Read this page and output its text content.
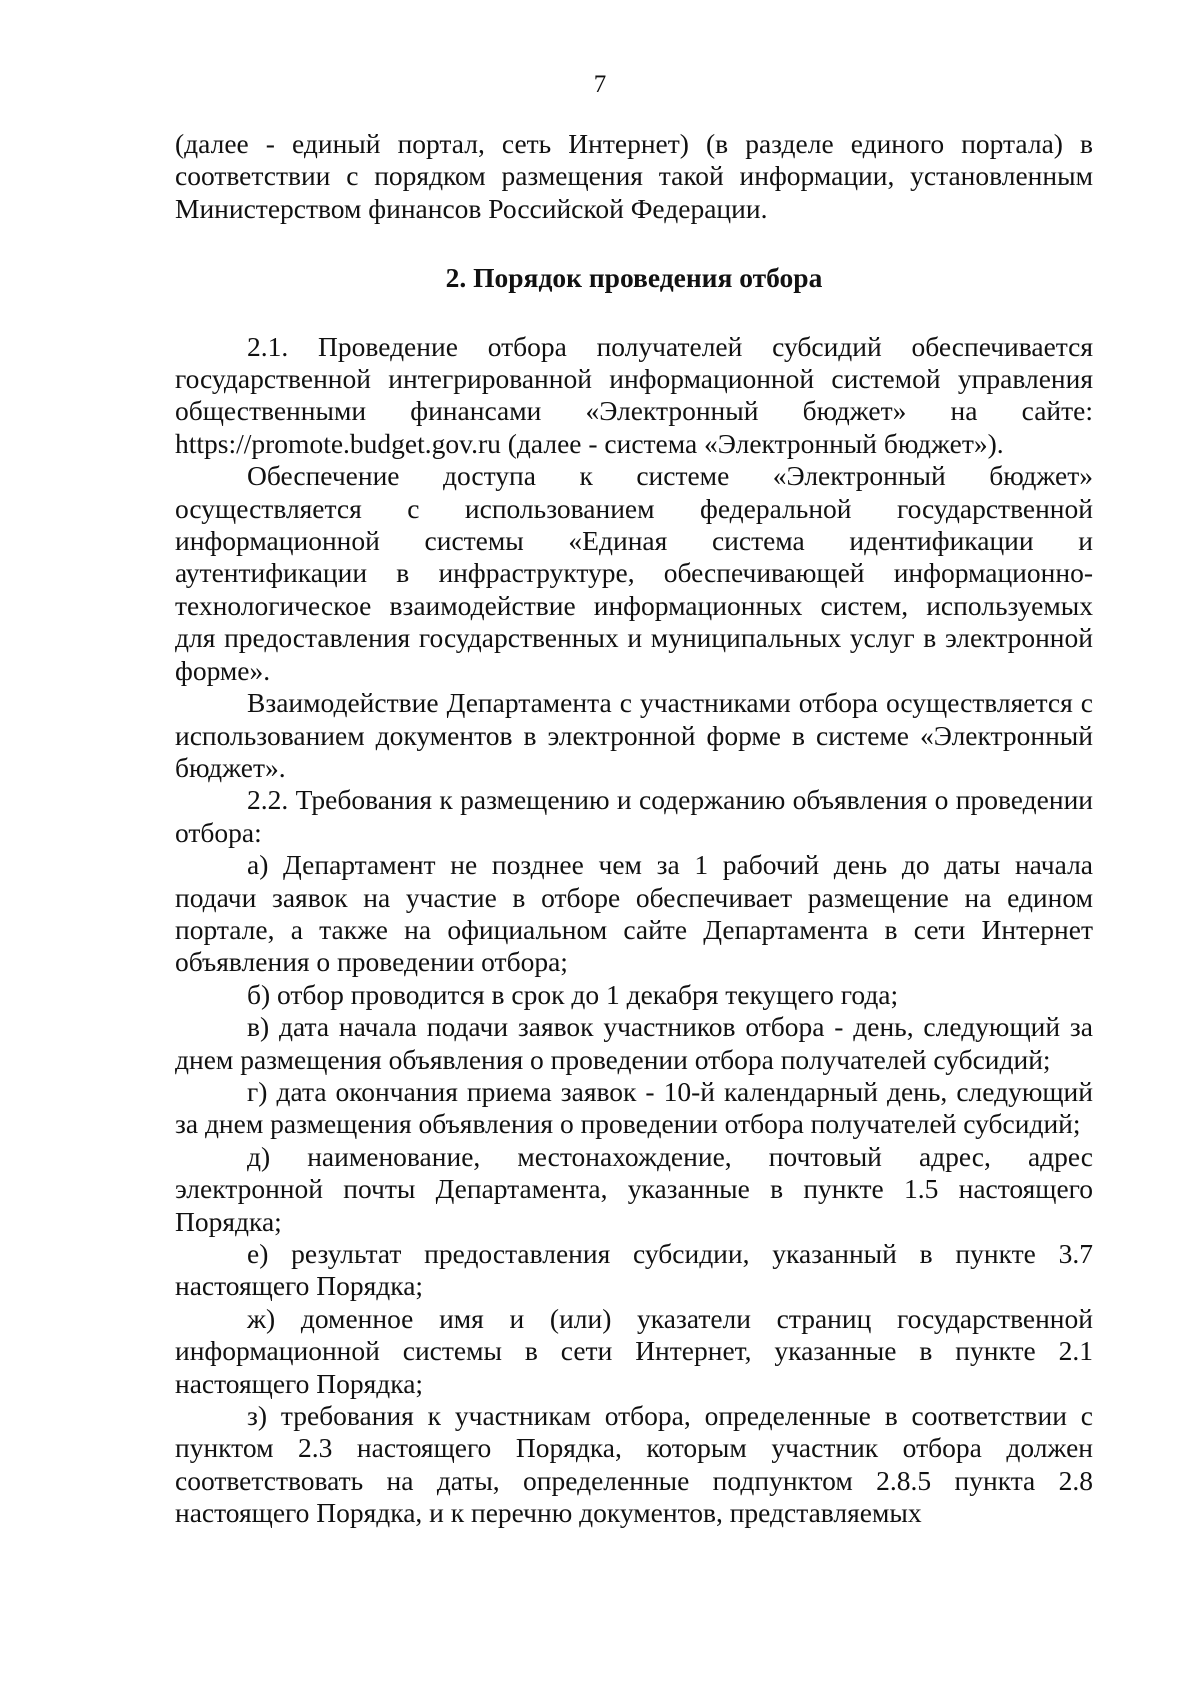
7

(далее - единый портал, сеть Интернет) (в разделе единого портала) в соответствии с порядком размещения такой информации, установленным Министерством финансов Российской Федерации.

2. Порядок проведения отбора

2.1. Проведение отбора получателей субсидий обеспечивается государственной интегрированной информационной системой управления общественными финансами «Электронный бюджет» на сайте: https://promote.budget.gov.ru (далее - система «Электронный бюджет»).

Обеспечение доступа к системе «Электронный бюджет» осуществляется с использованием федеральной государственной информационной системы «Единая система идентификации и аутентификации в инфраструктуре, обеспечивающей информационно-технологическое взаимодействие информационных систем, используемых для предоставления государственных и муниципальных услуг в электронной форме».

Взаимодействие Департамента с участниками отбора осуществляется с использованием документов в электронной форме в системе «Электронный бюджет».

2.2. Требования к размещению и содержанию объявления о проведении отбора:

а) Департамент не позднее чем за 1 рабочий день до даты начала подачи заявок на участие в отборе обеспечивает размещение на едином портале, а также на официальном сайте Департамента в сети Интернет объявления о проведении отбора;

б) отбор проводится в срок до 1 декабря текущего года;

в) дата начала подачи заявок участников отбора - день, следующий за днем размещения объявления о проведении отбора получателей субсидий;

г) дата окончания приема заявок - 10-й календарный день, следующий за днем размещения объявления о проведении отбора получателей субсидий;

д) наименование, местонахождение, почтовый адрес, адрес электронной почты Департамента, указанные в пункте 1.5 настоящего Порядка;

е) результат предоставления субсидии, указанный в пункте 3.7 настоящего Порядка;

ж) доменное имя и (или) указатели страниц государственной информационной системы в сети Интернет, указанные в пункте 2.1 настоящего Порядка;

з) требования к участникам отбора, определенные в соответствии с пунктом 2.3 настоящего Порядка, которым участник отбора должен соответствовать на даты, определенные подпунктом 2.8.5 пункта 2.8 настоящего Порядка, и к перечню документов, представляемых
